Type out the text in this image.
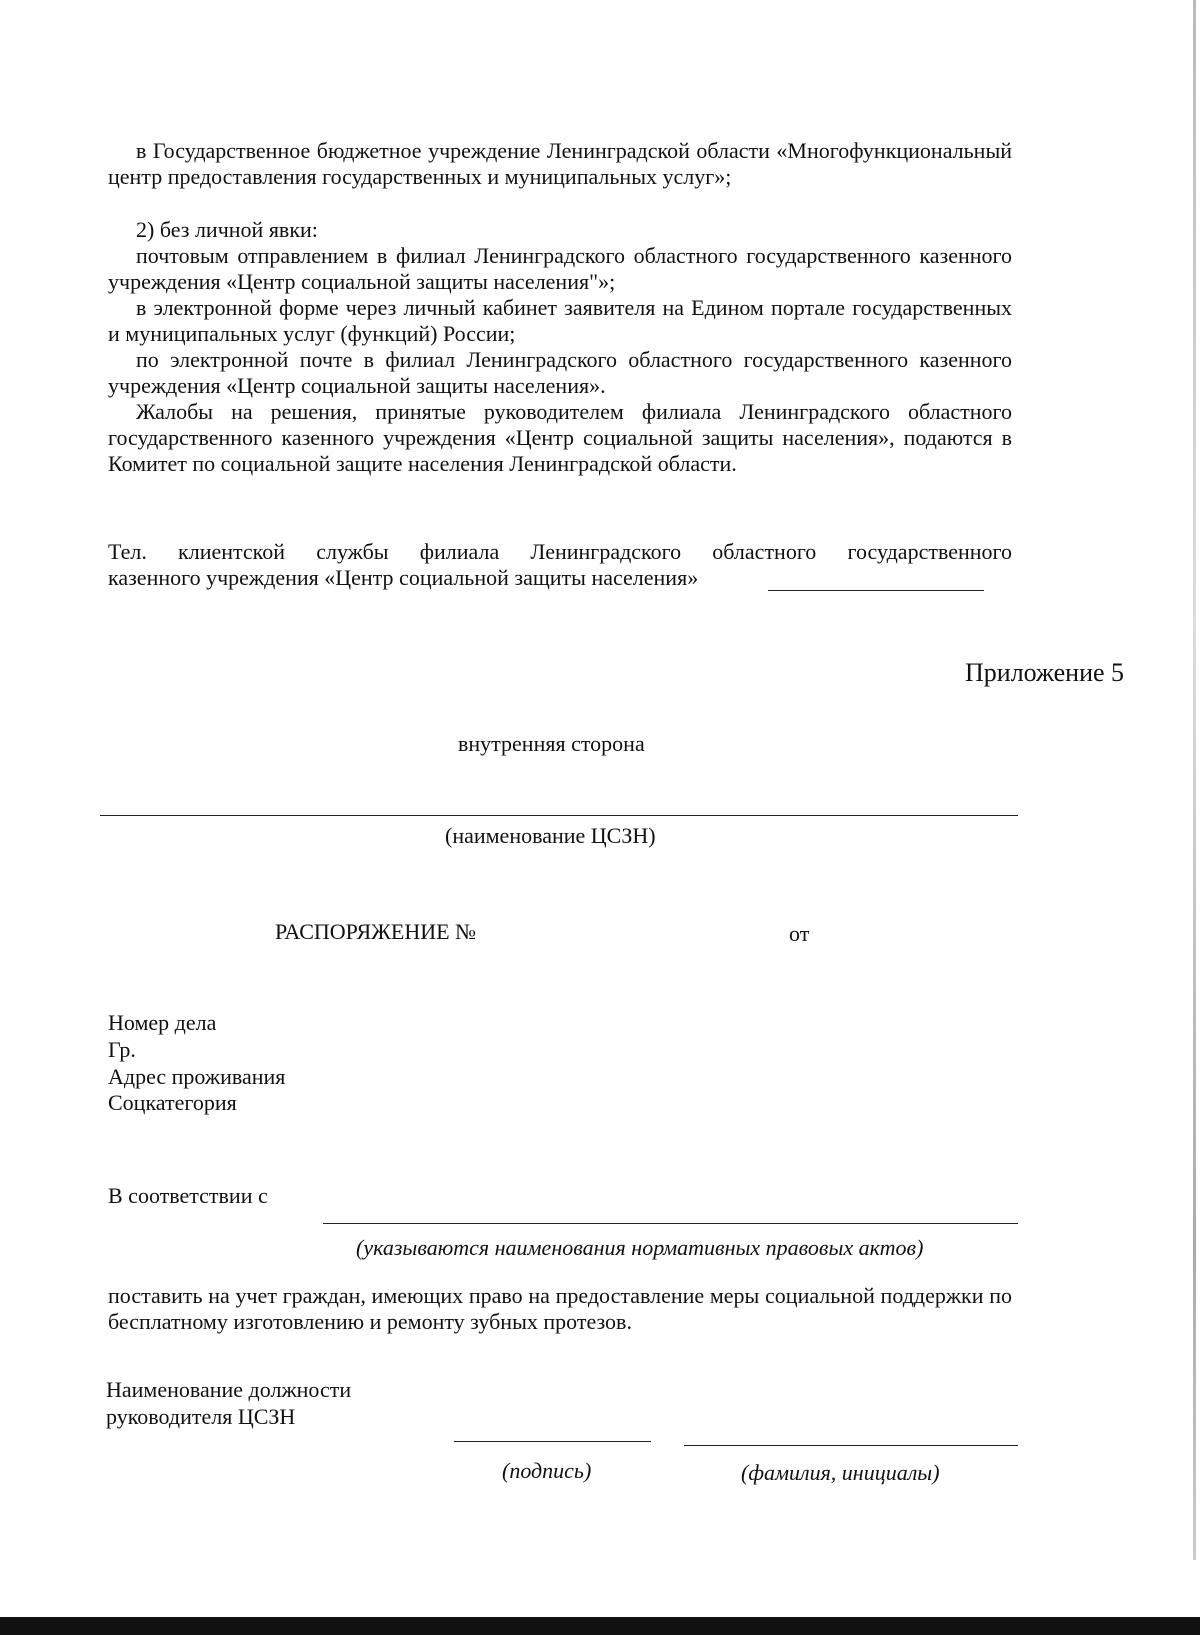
в Государственное бюджетное учреждение Ленинградской области «Многофункциональный центр предоставления государственных и муниципальных услуг»;

2) без личной явки:

почтовым отправлением в филиал Ленинградского областного государственного казенного учреждения «Центр социальной защиты населения"»;

в электронной форме через личный кабинет заявителя на Едином портале государственных и муниципальных услуг (функций) России;

по электронной почте в филиал Ленинградского областного государственного казенного учреждения «Центр социальной защиты населения».

Жалобы на решения, принятые руководителем филиала Ленинградского областного государственного казенного учреждения «Центр социальной защиты населения», подаются в Комитет по социальной защите населения Ленинградской области.

Тел. клиентской службы филиала Ленинградского областного государственного
казенного учреждения «Центр социальной защиты населения»
Приложение 5
внутренняя сторона
(наименование ЦСЗН)
РАСПОРЯЖЕНИЕ №	от
Номер дела
Гр.
Адрес проживания
Соцкатегория
В соответствии с
(указываются наименования нормативных правовых актов)

поставить на учет граждан, имеющих право на предоставление меры социальной поддержки по бесплатному изготовлению и ремонту зубных протезов.

Наименование должности
руководителя ЦСЗН
(подпись)	(фамилия, инициалы)
